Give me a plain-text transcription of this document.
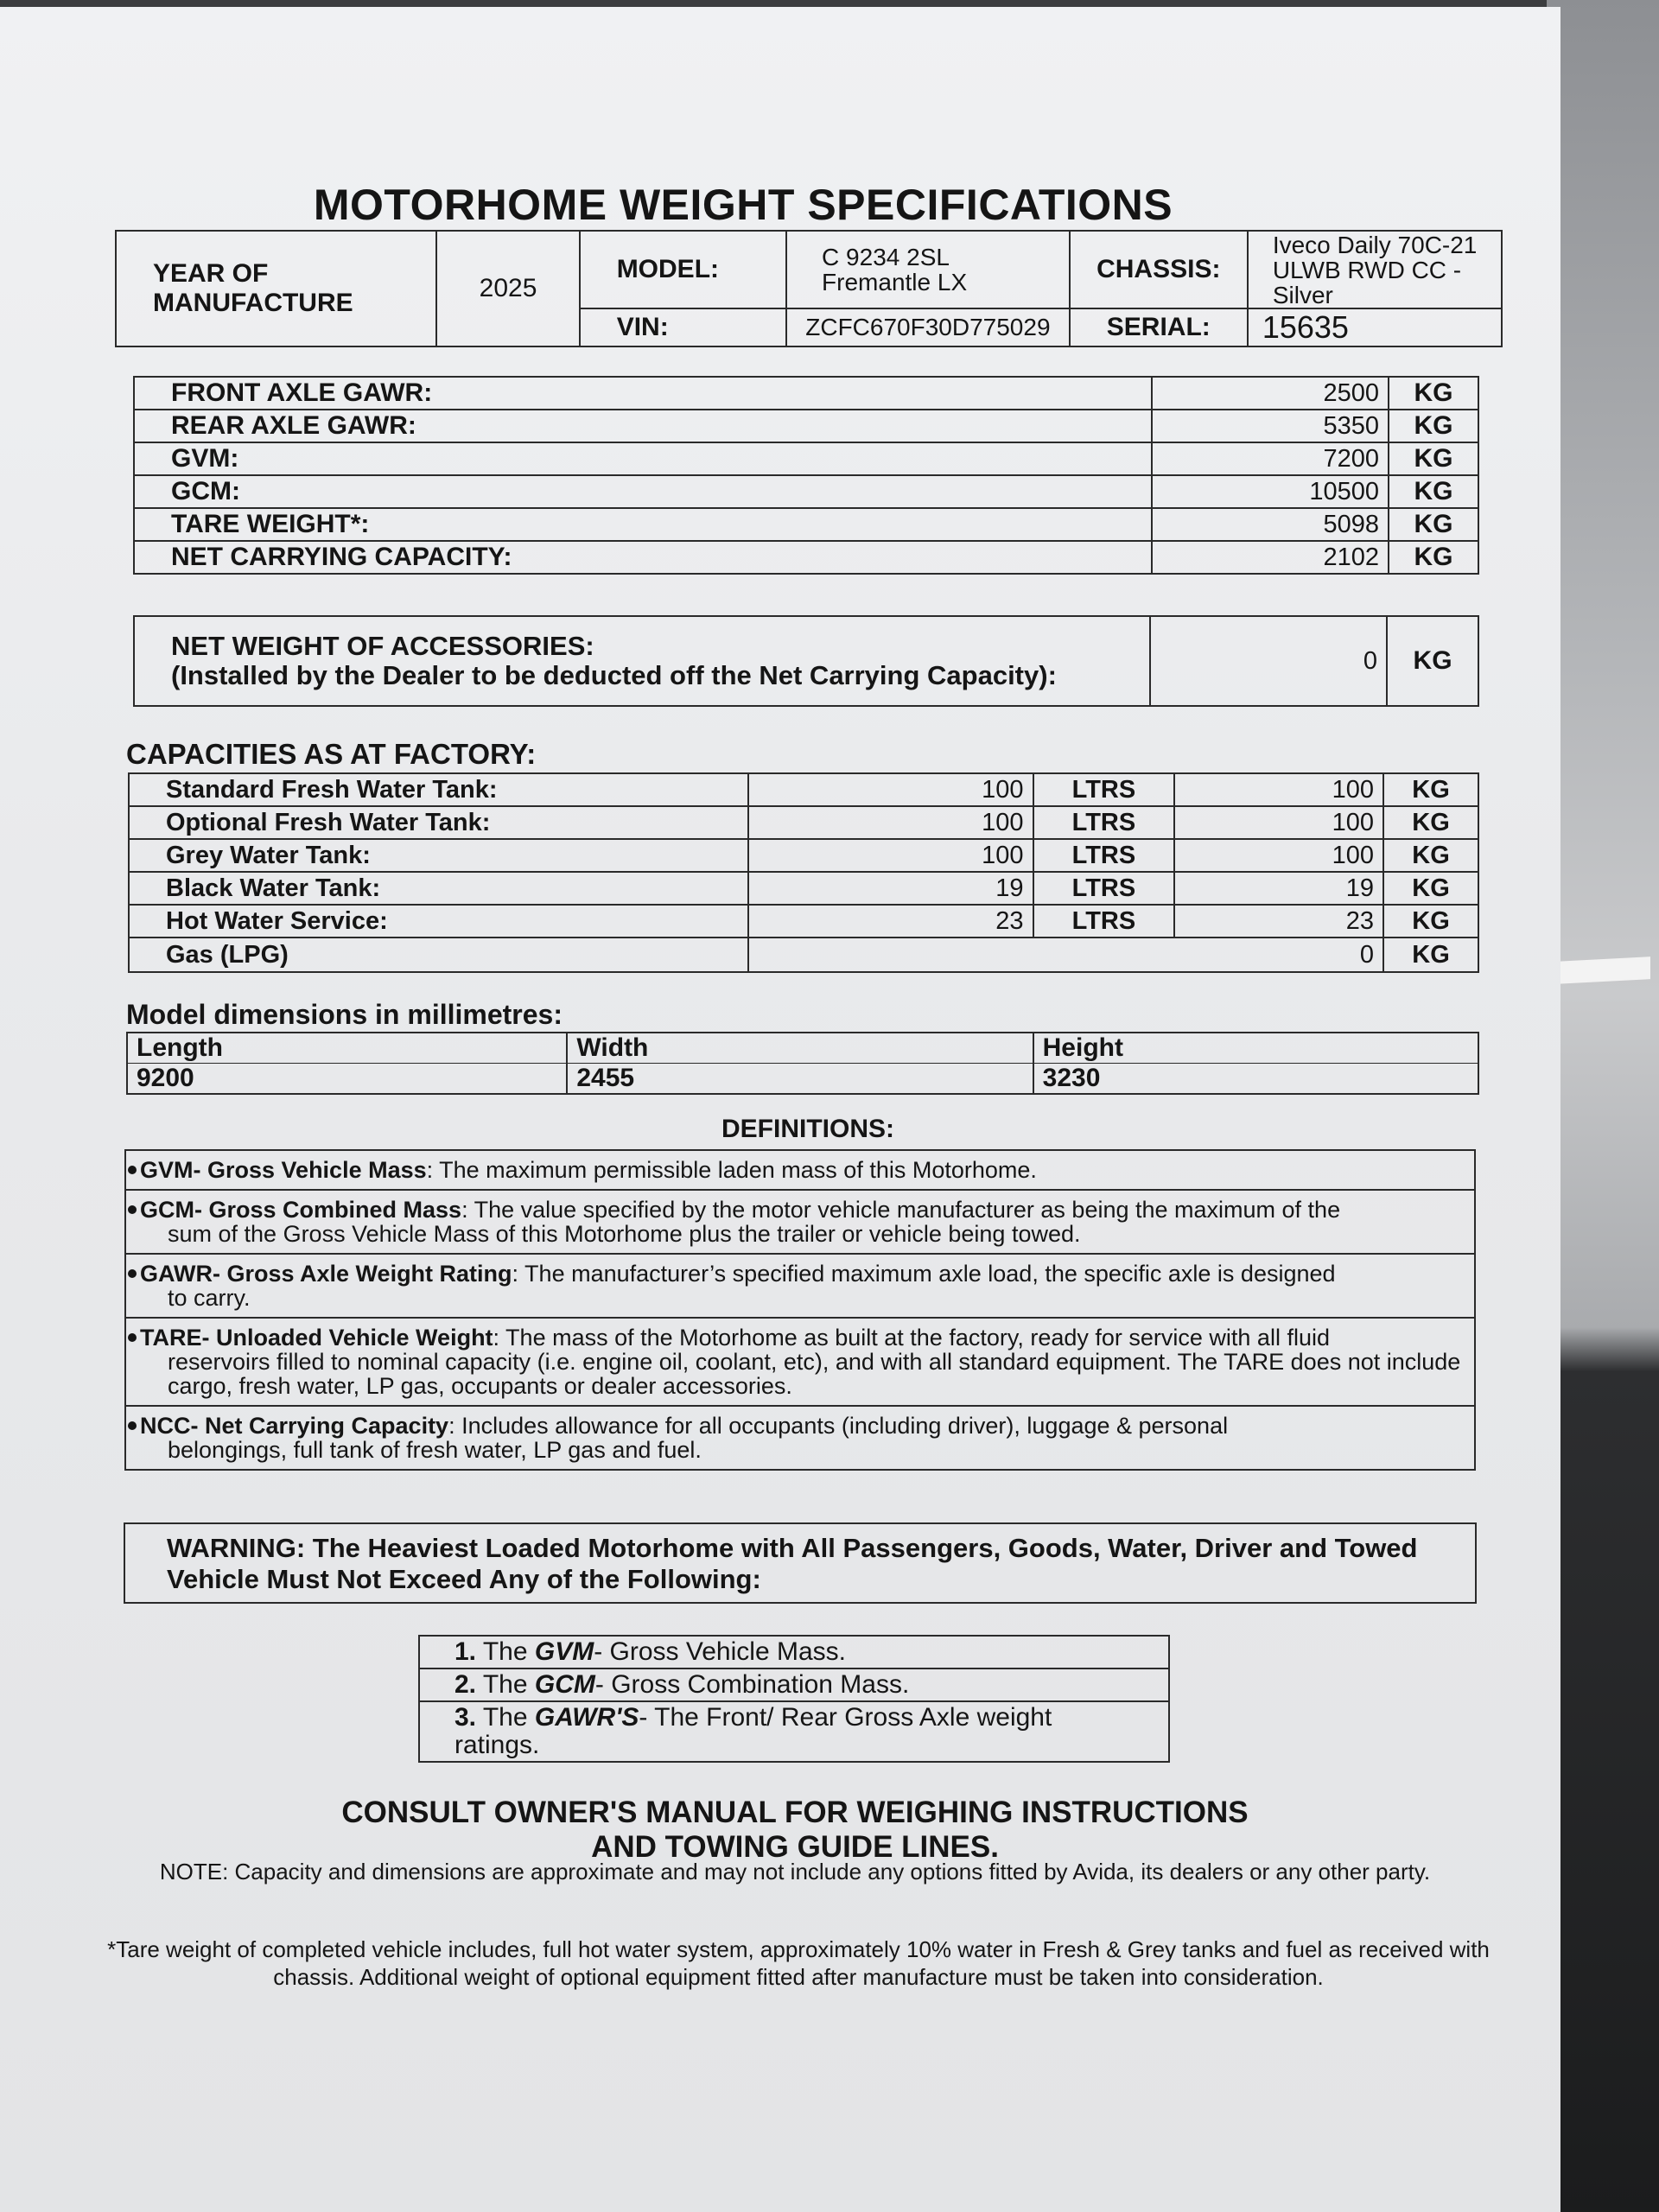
MOTORHOME WEIGHT SPECIFICATIONS
YEAR OF MANUFACTURE	2025	MODEL:	C 9234 2SL Fremantle LX	CHASSIS:	Iveco Daily 70C-21 ULWB RWD CC - Silver
		VIN:	ZCFC670F30D775029	SERIAL:	15635
FRONT AXLE GAWR:	2500	KG
REAR AXLE GAWR:	5350	KG
GVM:	7200	KG
GCM:	10500	KG
TARE WEIGHT*:	5098	KG
NET CARRYING CAPACITY:	2102	KG
NET WEIGHT OF ACCESSORIES:
(Installed by the Dealer to be deducted off the Net Carrying Capacity):	0	KG
CAPACITIES AS AT FACTORY:
Standard Fresh Water Tank:	100	LTRS	100	KG
Optional Fresh Water Tank:	100	LTRS	100	KG
Grey Water Tank:	100	LTRS	100	KG
Black Water Tank:	19	LTRS	19	KG
Hot Water Service:	23	LTRS	23	KG
Gas (LPG)	0			KG
Model dimensions in millimetres:
Length	Width	Height
9200	2455	3230
DEFINITIONS:
GVM- Gross Vehicle Mass: The maximum permissible laden mass of this Motorhome.
GCM- Gross Combined Mass: The value specified by the motor vehicle manufacturer as being the maximum of the
sum of the Gross Vehicle Mass of this Motorhome plus the trailer or vehicle being towed.

GAWR- Gross Axle Weight Rating: The manufacturer’s specified maximum axle load, the specific axle is designed
to carry.

TARE- Unloaded Vehicle Weight: The mass of the Motorhome as built at the factory, ready for service with all fluid
reservoirs filled to nominal capacity (i.e. engine oil, coolant, etc), and with all standard equipment. The TARE does not include cargo, fresh water, LP gas, occupants or dealer accessories.

NCC- Net Carrying Capacity: Includes allowance for all occupants (including driver), luggage & personal
belongings, full tank of fresh water, LP gas and fuel.
WARNING: The Heaviest Loaded Motorhome with All Passengers, Goods, Water, Driver and Towed Vehicle Must Not Exceed Any of the Following:
1. The GVM- Gross Vehicle Mass.
2. The GCM- Gross Combination Mass.
3. The GAWR'S- The Front/ Rear Gross Axle weight ratings.
CONSULT OWNER'S MANUAL FOR WEIGHING INSTRUCTIONS
AND TOWING GUIDE LINES.
NOTE: Capacity and dimensions are approximate and may not include any options fitted by Avida, its dealers or any other party.
*Tare weight of completed vehicle includes, full hot water system, approximately 10% water in Fresh & Grey tanks and fuel as received with chassis. Additional weight of optional equipment fitted after manufacture must be taken into consideration.
